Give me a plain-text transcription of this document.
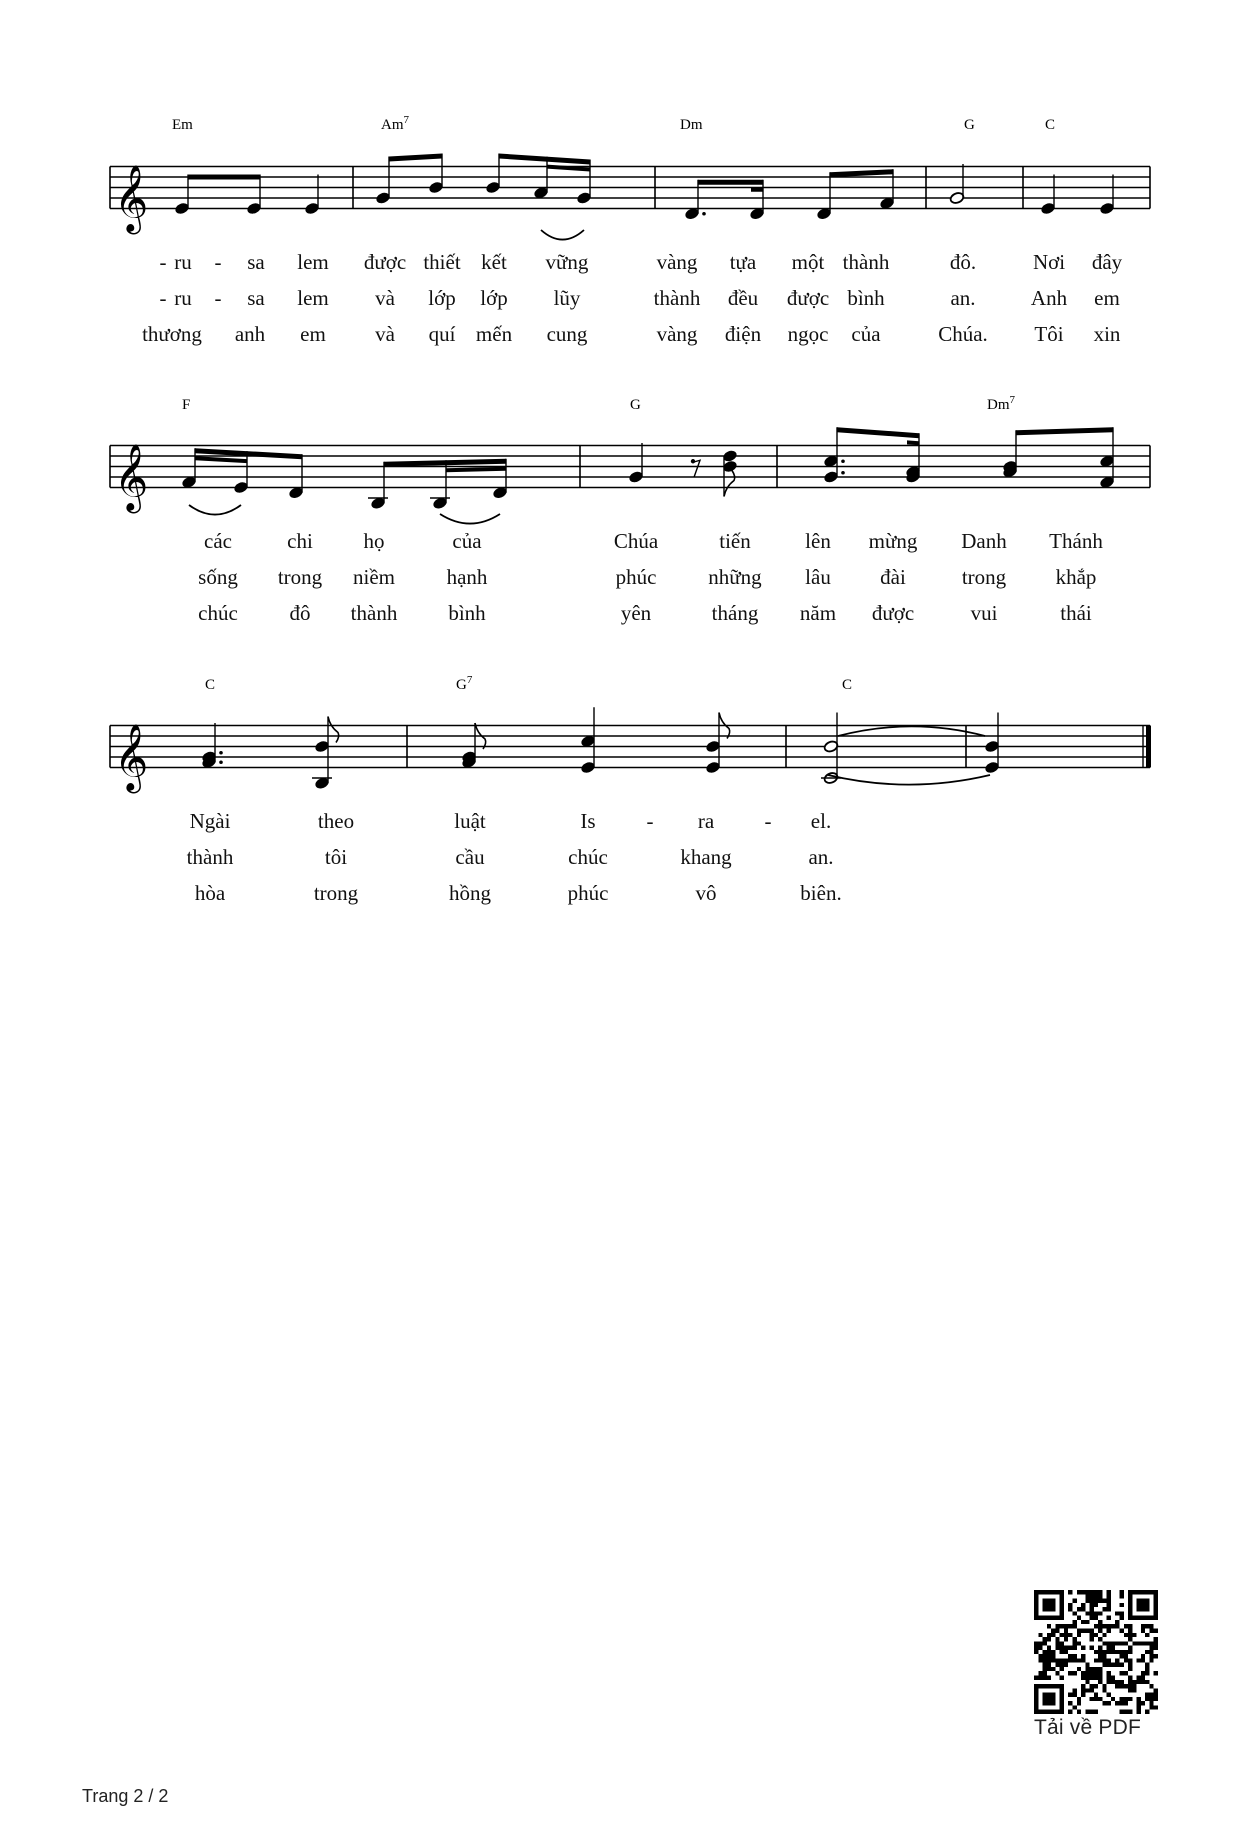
𝄞
Em	Am$^7$	Dm	G	C
- ru - sa lem được thiết kết vững	vàng tựa một thành	đô.	Nơi đây
- ru - sa lem và lớp lớp lũy	thành đều được bình	an.	Anh em
thương anh em và quí mến cung	vàng điện ngọc của	Chúa. Tôi xin
𝄞
F	G	Dm$^7$
các	chi họ	của	Chúa	tiến	lên mừng Danh Thánh
sống trong niềm hạnh	phúc những lâu đài	trong khắp
chúc đô thành bình	yên	tháng năm được	vui	thái
𝄞
C	$G^7$	C
Ngài	theo	luật	Is - ra - el.
thành	tôi	cầu	chúc	khang	an.
hòa	trong	hồng	phúc	vô	biên.
Tải về PDF
Trang 2 / 2
